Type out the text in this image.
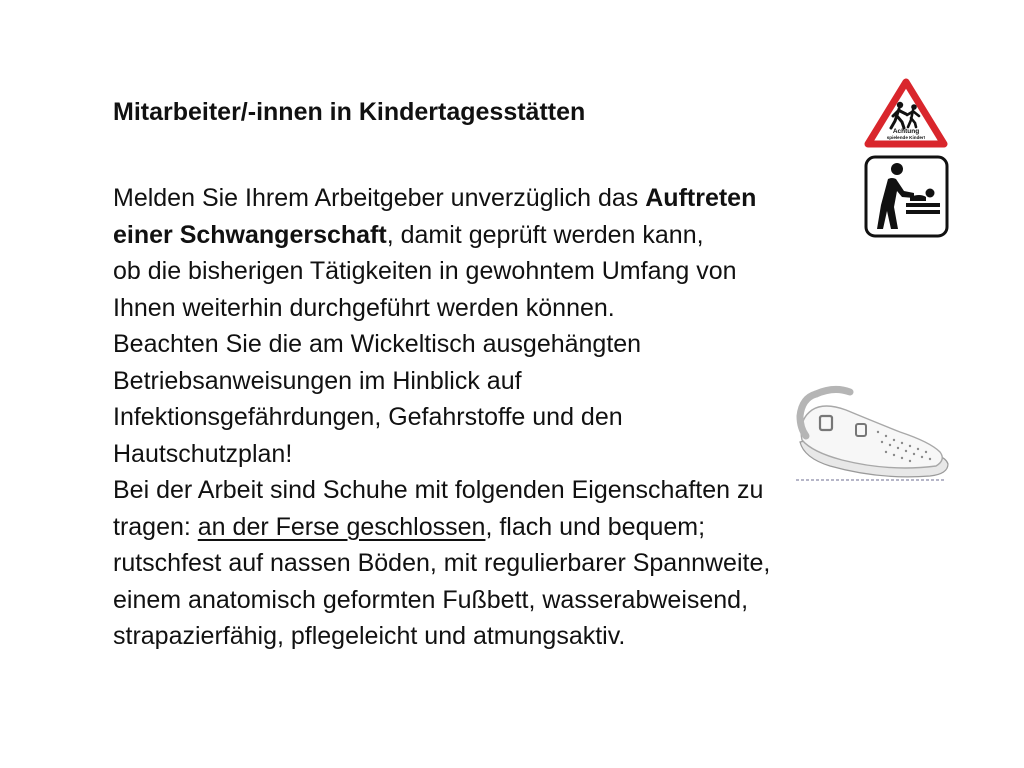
Mitarbeiter/-innen in Kindertagesstätten
Melden Sie Ihrem Arbeitgeber unverzüglich das Auftreten
einer Schwangerschaft, damit geprüft werden kann,
ob die bisherigen Tätigkeiten in gewohntem Umfang von
Ihnen weiterhin durchgeführt werden können.
Beachten Sie die am Wickeltisch ausgehängten
Betriebsanweisungen im Hinblick auf
Infektionsgefährdungen, Gefahrstoffe und den
Hautschutzplan!
Bei der Arbeit sind Schuhe mit folgenden Eigenschaften zu
tragen: an der Ferse geschlossen, flach und bequem;
rutschfest auf nassen Böden, mit regulierbarer Spannweite,
einem anatomisch geformten Fußbett, wasserabweisend,
strapazierfähig, pflegeleicht und atmungsaktiv.
Achtung
spielende Kinder!
